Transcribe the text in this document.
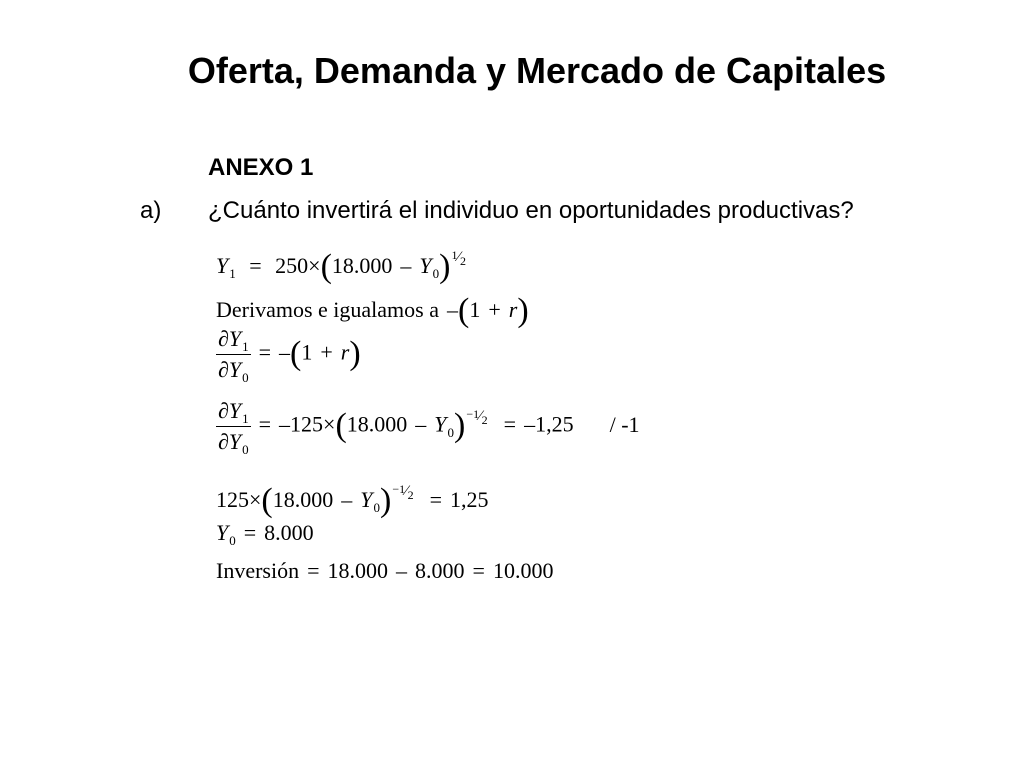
Oferta, Demanda y Mercado de Capitales
ANEXO 1
a) ¿Cuánto invertirá el individuo en oportunidades productivas?
$Y_1 = 250\times(18.000$ – $Y_0)1⁄2$
Derivamos e igualamos a –(1 + r)
$\frac{\partial Y_1}{\partial Y_0} = -(1 + r)$
$\frac{\partial Y_1}{\partial Y_0} = -125\times(18.000$ – $Y_0)-1⁄2 = -1,25 / -1$
$125\times(18.000 - Y_0)-1⁄2 = 1,25$
$Y_0 = 8.000$
Inversión = 18.000 – 8.000 = 10.000
